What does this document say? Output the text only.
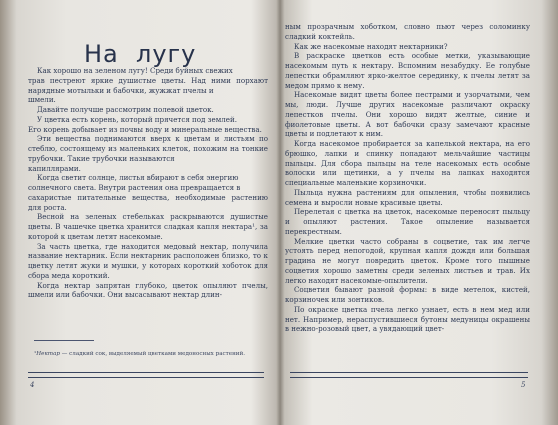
На  лугу

Как хорошо на зеленом лугу! Среди буйных свежих

трав пестреют яркие душистые цветы. Над ними порхают нарядные мотыльки и бабочки, жужжат пчелы и

шмели.

Давайте получше рассмотрим полевой цветок.

У цветка есть корень, который прячется под землей.

Его корень добывает из почвы воду и минеральные вещества.

Эти вещества поднимаются вверх к цветам и листьям по стеблю, состоящему из маленьких клеток, похожим на тонкие трубочки. Такие трубочки называются

капиллярами.

Когда светит солнце, листья вбирают в себя энергию

солнечного света. Внутри растения она превращается в

сахаристые питательные вещества, необходимые растению для роста.

Весной на зеленых стебельках раскрываются душистые цветы. В чашечке цветка хранится сладкая капля нектара¹, за которой к цветам летят насекомые.

За часть цветка, где находится медовый нектар, получила название нектарник. Если нектарник расположен близко, то к цветку летят жуки и мушки, у которых короткий хоботок для сбора меда короткий.

Когда нектар запрятан глубоко, цветок опыляют пчелы, шмели или бабочки. Они высасывают нектар длин-

¹Нектар — сладкий сок, выделяемый цветками медоносных растений.

4

ным прозрачным хоботком, словно пьют через соломинку сладкий коктейль.

Как же насекомые находят нектарники?

В раскраске цветков есть особые метки, указывающие насекомым путь к нектару. Вспомним незабудку. Ее голубые лепестки обрамляют ярко-желтое серединку, к пчелы летят за медом прямо к нему.

Насекомые видят цветы более пестрыми и узорчатыми, чем мы, люди. Лучше других насекомые различают окраску лепестков пчелы. Они хорошо видят желтые, синие и фиолетовые цветы. А вот бабочки сразу замечают красные цветы и подлетают к ним.

Когда насекомое пробирается за капелькой нектара, на его брюшко, лапки и спинку попадают мельчайшие частицы пыльцы. Для сбора пыльцы на теле насекомых есть особые волоски или щетинки, а у пчелы на лапках находятся специальные маленькие корзиночки.

Пыльца нужна растениям для опыления, чтобы появились семена и выросли новые красивые цветы.

Перелетая с цветка на цветок, насекомые переносят пыльцу и опыляют растения. Такое опыление называется перекрестным.

Мелкие цветки часто собраны в соцветие, так им легче устоять перед непогодой, крупная капля дождя или большая градина не могут повредить цветок. Кроме того пышные соцветия хорошо заметны среди зеленых листьев и трав. Их легко находят насекомые-опылители.

Соцветия бывают разной формы: в виде метелок, кистей, корзиночек или зонтиков.

По окраске цветка пчела легко узнает, есть в нем мед или нет. Например, нераспустившиеся бутоны медуницы окрашены в нежно-розовый цвет, а увядающий цвет-

5
